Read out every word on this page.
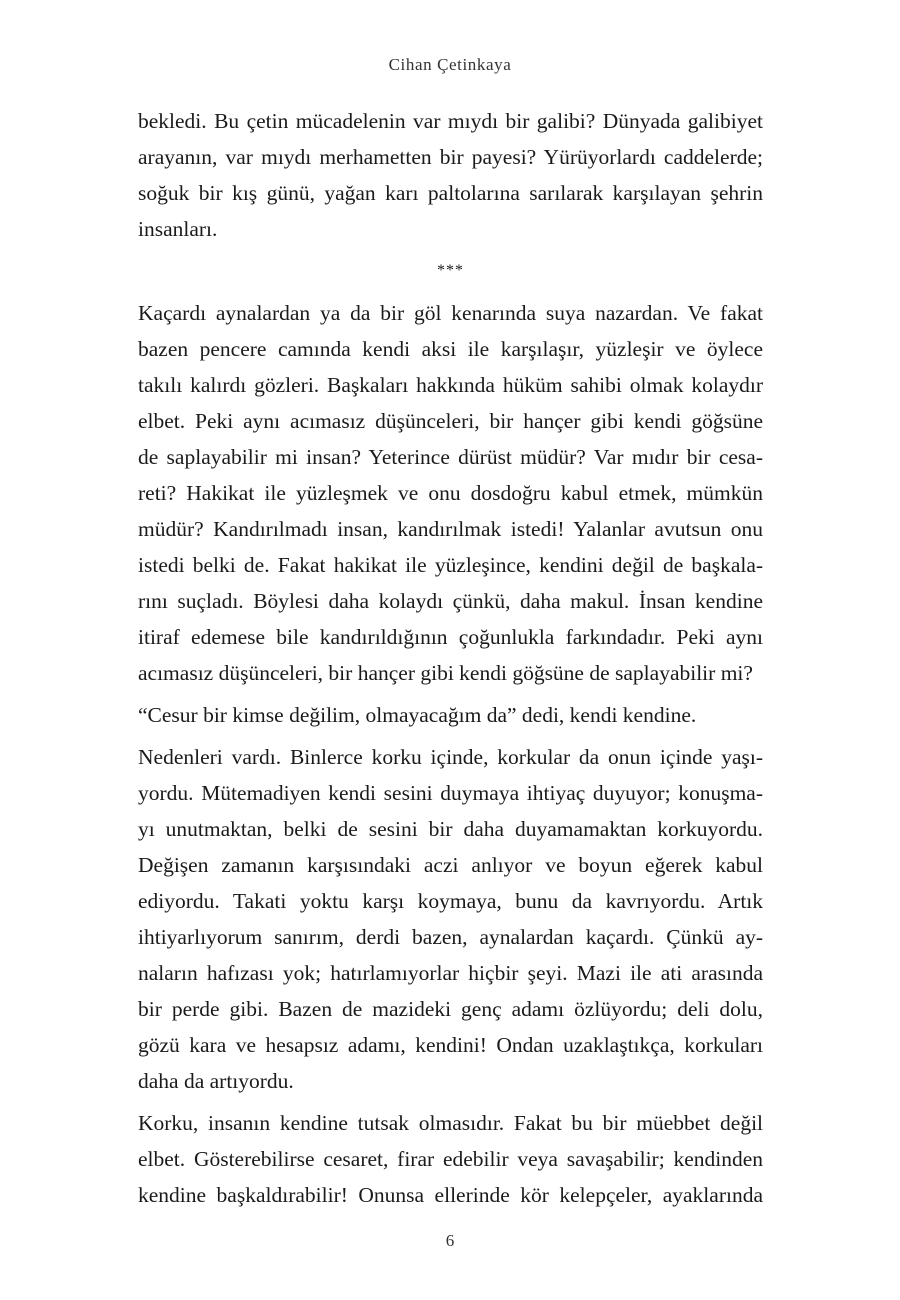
Cihan Çetinkaya
bekledi. Bu çetin mücadelenin var mıydı bir galibi? Dünyada galibiyet
arayanın, var mıydı merhametten bir payesi? Yürüyorlardı caddelerde;
soğuk bir kış günü, yağan karı paltolarına sarılarak karşılayan şehrin
insanları.
***
Kaçardı aynalardan ya da bir göl kenarında suya nazardan. Ve fakat
bazen pencere camında kendi aksi ile karşılaşır, yüzleşir ve öylece
takılı kalırdı gözleri. Başkaları hakkında hüküm sahibi olmak kolaydır
elbet. Peki aynı acımasız düşünceleri, bir hançer gibi kendi göğsüne
de saplayabilir mi insan? Yeterince dürüst müdür? Var mıdır bir cesa-
reti? Hakikat ile yüzleşmek ve onu dosdoğru kabul etmek, mümkün
müdür? Kandırılmadı insan, kandırılmak istedi! Yalanlar avutsun onu
istedi belki de. Fakat hakikat ile yüzleşince, kendini değil de başkala-
rını suçladı. Böylesi daha kolaydı çünkü, daha makul. İnsan kendine
itiraf edemese bile kandırıldığının çoğunlukla farkındadır. Peki aynı
acımasız düşünceleri, bir hançer gibi kendi göğsüne de saplayabilir mi?
“Cesur bir kimse değilim, olmayacağım da” dedi, kendi kendine.
Nedenleri vardı. Binlerce korku içinde, korkular da onun içinde yaşı-
yordu. Mütemadiyen kendi sesini duymaya ihtiyaç duyuyor; konuşma-
yı unutmaktan, belki de sesini bir daha duyamamaktan korkuyordu.
Değişen zamanın karşısındaki aczi anlıyor ve boyun eğerek kabul
ediyordu. Takati yoktu karşı koymaya, bunu da kavrıyordu. Artık
ihtiyarlıyorum sanırım, derdi bazen, aynalardan kaçardı. Çünkü ay-
naların hafızası yok; hatırlamıyorlar hiçbir şeyi. Mazi ile ati arasında
bir perde gibi. Bazen de mazideki genç adamı özlüyordu; deli dolu,
gözü kara ve hesapsız adamı, kendini! Ondan uzaklaştıkça, korkuları
daha da artıyordu.
Korku, insanın kendine tutsak olmasıdır. Fakat bu bir müebbet değil
elbet. Gösterebilirse cesaret, firar edebilir veya savaşabilir; kendinden
kendine başkaldırabilir! Onunsa ellerinde kör kelepçeler, ayaklarında
6
